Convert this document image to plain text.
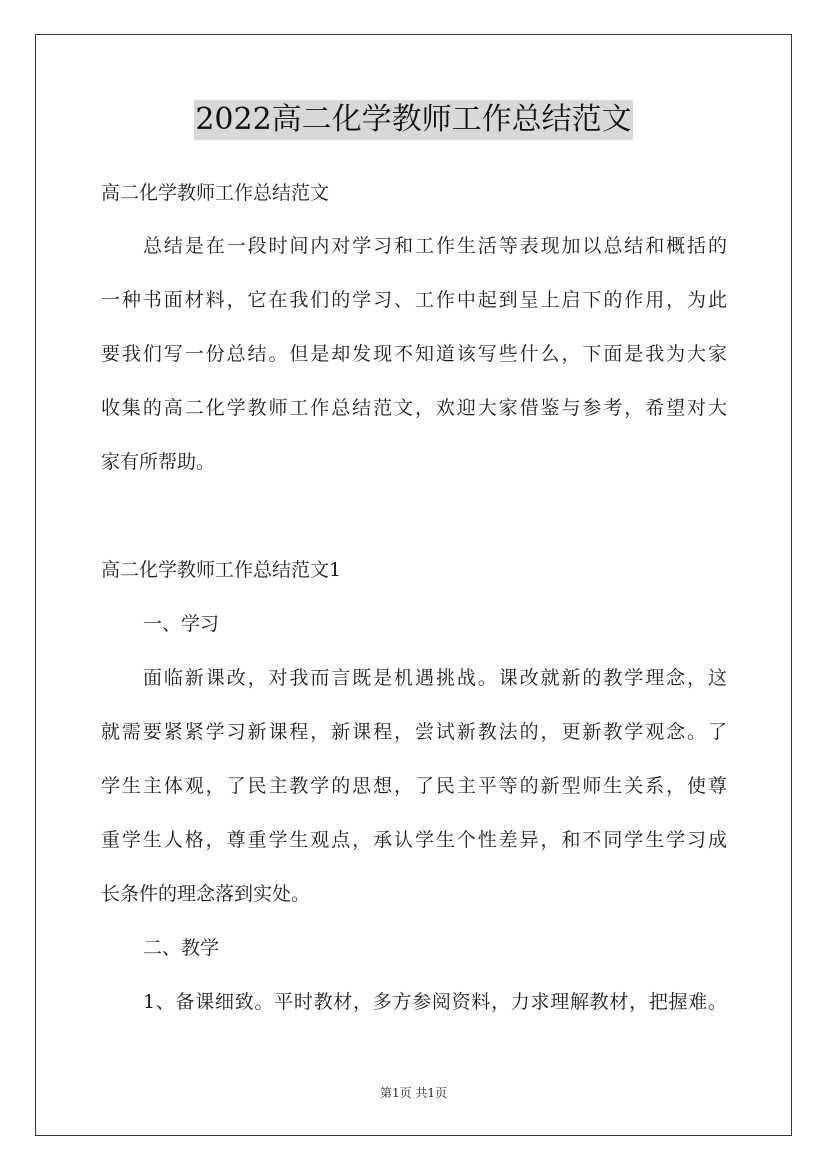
2022高二化学教师工作总结范文
高二化学教师工作总结范文
总结是在一段时间内对学习和工作生活等表现加以总结和概括的
一种书面材料，它在我们的学习、工作中起到呈上启下的作用，为此
要我们写一份总结。但是却发现不知道该写些什么，下面是我为大家
收集的高二化学教师工作总结范文，欢迎大家借鉴与参考，希望对大
家有所帮助。
高二化学教师工作总结范文1
一、学习
面临新课改，对我而言既是机遇挑战。课改就新的教学理念，这
就需要紧紧学习新课程，新课程，尝试新教法的，更新教学观念。了
学生主体观，了民主教学的思想，了民主平等的新型师生关系，使尊
重学生人格，尊重学生观点，承认学生个性差异，和不同学生学习成
长条件的理念落到实处。
二、教学
1、备课细致。平时教材，多方参阅资料，力求理解教材，把握难。
第1页 共1页
